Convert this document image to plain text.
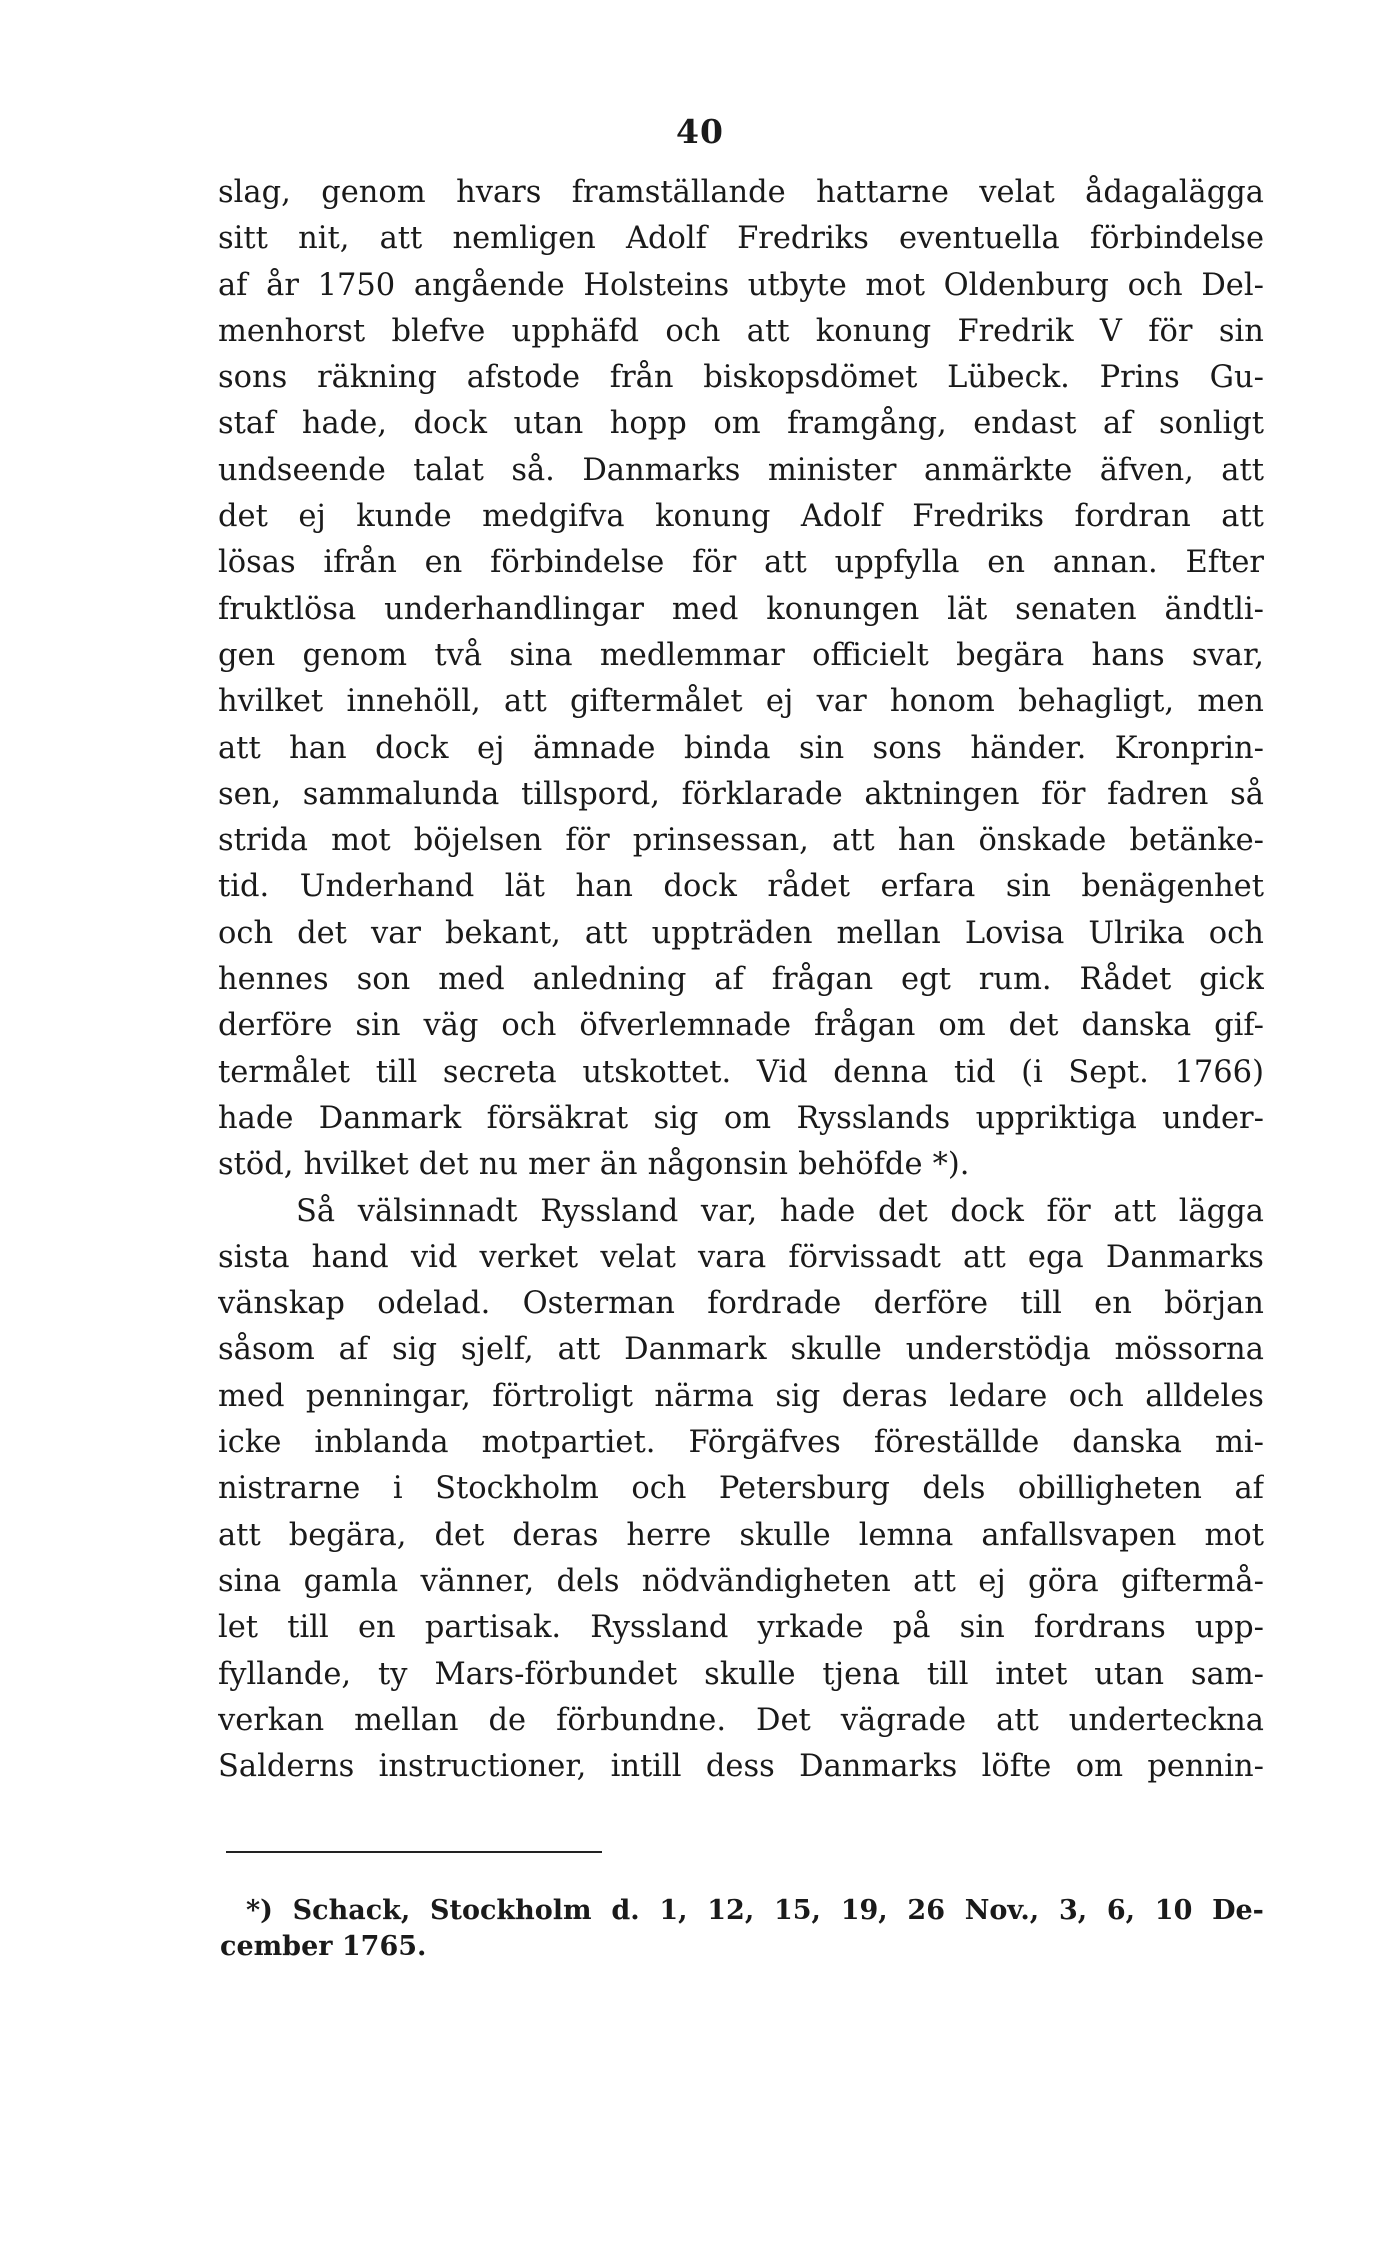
40
slag, genom hvars framställande hattarne velat ådagalägga
sitt nit, att nemligen Adolf Fredriks eventuella förbindelse
af år 1750 angående Holsteins utbyte mot Oldenburg och Del-
menhorst blefve upphäfd och att konung Fredrik V för sin
sons räkning afstode från biskopsdömet Lübeck. Prins Gu-
staf hade, dock utan hopp om framgång, endast af sonligt
undseende talat så. Danmarks minister anmärkte äfven, att
det ej kunde medgifva konung Adolf Fredriks fordran att
lösas ifrån en förbindelse för att uppfylla en annan. Efter
fruktlösa underhandlingar med konungen lät senaten ändtli-
gen genom två sina medlemmar officielt begära hans svar,
hvilket innehöll, att giftermålet ej var honom behagligt, men
att han dock ej ämnade binda sin sons händer. Kronprin-
sen, sammalunda tillspord, förklarade aktningen för fadren så
strida mot böjelsen för prinsessan, att han önskade betänke-
tid. Underhand lät han dock rådet erfara sin benägenhet
och det var bekant, att uppträden mellan Lovisa Ulrika och
hennes son med anledning af frågan egt rum. Rådet gick
derföre sin väg och öfverlemnade frågan om det danska gif-
termålet till secreta utskottet. Vid denna tid (i Sept. 1766)
hade Danmark försäkrat sig om Rysslands uppriktiga under-
stöd, hvilket det nu mer än någonsin behöfde *).
Så välsinnadt Ryssland var, hade det dock för att lägga
sista hand vid verket velat vara förvissadt att ega Danmarks
vänskap odelad. Osterman fordrade derföre till en början
såsom af sig sjelf, att Danmark skulle understödja mössorna
med penningar, förtroligt närma sig deras ledare och alldeles
icke inblanda motpartiet. Förgäfves föreställde danska mi-
nistrarne i Stockholm och Petersburg dels obilligheten af
att begära, det deras herre skulle lemna anfallsvapen mot
sina gamla vänner, dels nödvändigheten att ej göra giftermå-
let till en partisak. Ryssland yrkade på sin fordrans upp-
fyllande, ty Mars-förbundet skulle tjena till intet utan sam-
verkan mellan de förbundne. Det vägrade att underteckna
Salderns instructioner, intill dess Danmarks löfte om pennin-
*) Schack, Stockholm d. 1, 12, 15, 19, 26 Nov., 3, 6, 10 De-
cember 1765.
